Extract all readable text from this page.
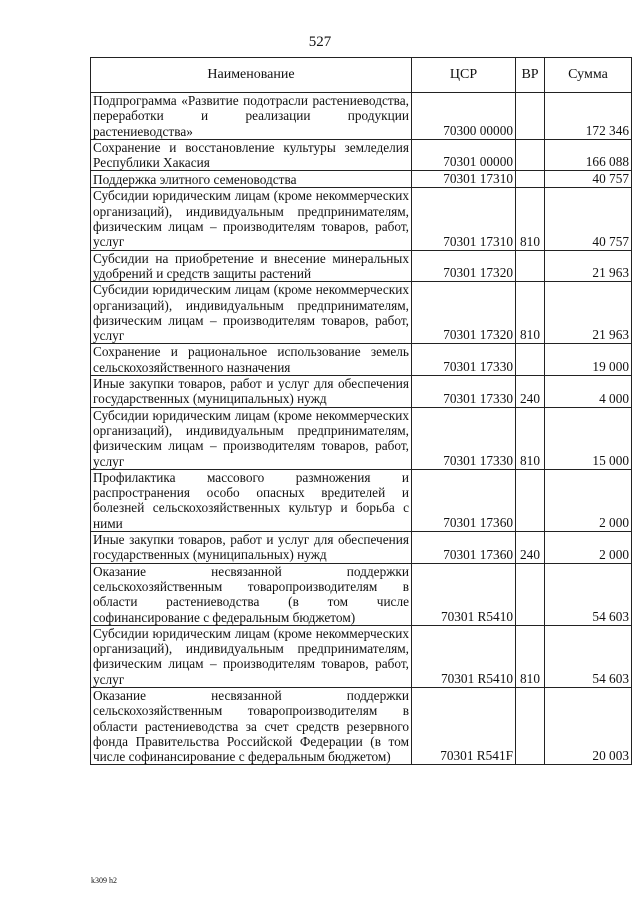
527
Наименование	ЦСР	ВР	Сумма
Подпрограмма «Развитие подотрасли растениеводства, переработки и реализации продукции растениеводства»	70300 00000		172 346
Сохранение и восстановление культуры земледелия Республики Хакасия	70301 00000		166 088
Поддержка элитного семеноводства	70301 17310		40 757
Субсидии юридическим лицам (кроме некоммерческих организаций), индивидуальным предпринимателям, физическим лицам – производителям товаров, работ, услуг	70301 17310	810	40 757
Субсидии на приобретение и внесение минеральных удобрений и средств защиты растений	70301 17320		21 963
Субсидии юридическим лицам (кроме некоммерческих организаций), индивидуальным предпринимателям, физическим лицам – производителям товаров, работ, услуг	70301 17320	810	21 963
Сохранение и рациональное использование земель сельскохозяйственного назначения	70301 17330		19 000
Иные закупки товаров, работ и услуг для обеспечения государственных (муниципальных) нужд	70301 17330	240	4 000
Субсидии юридическим лицам (кроме некоммерческих организаций), индивидуальным предпринимателям, физическим лицам – производителям товаров, работ, услуг	70301 17330	810	15 000
Профилактика массового размножения и распространения особо опасных вредителей и болезней сельскохозяйственных культур и борьба с ними	70301 17360		2 000
Иные закупки товаров, работ и услуг для обеспечения государственных (муниципальных) нужд	70301 17360	240	2 000
Оказание несвязанной поддержки сельскохозяйственным товаропроизводителям в области растениеводства (в том числе софинансирование с федеральным бюджетом)	70301 R5410		54 603
Субсидии юридическим лицам (кроме некоммерческих организаций), индивидуальным предпринимателям, физическим лицам – производителям товаров, работ, услуг	70301 R5410	810	54 603
Оказание несвязанной поддержки сельскохозяйственным товаропроизводителям в области растениеводства за счет средств резервного фонда Правительства Российской Федерации (в том числе софинансирование с федеральным бюджетом)	70301 R541F		20 003
k309 h2
